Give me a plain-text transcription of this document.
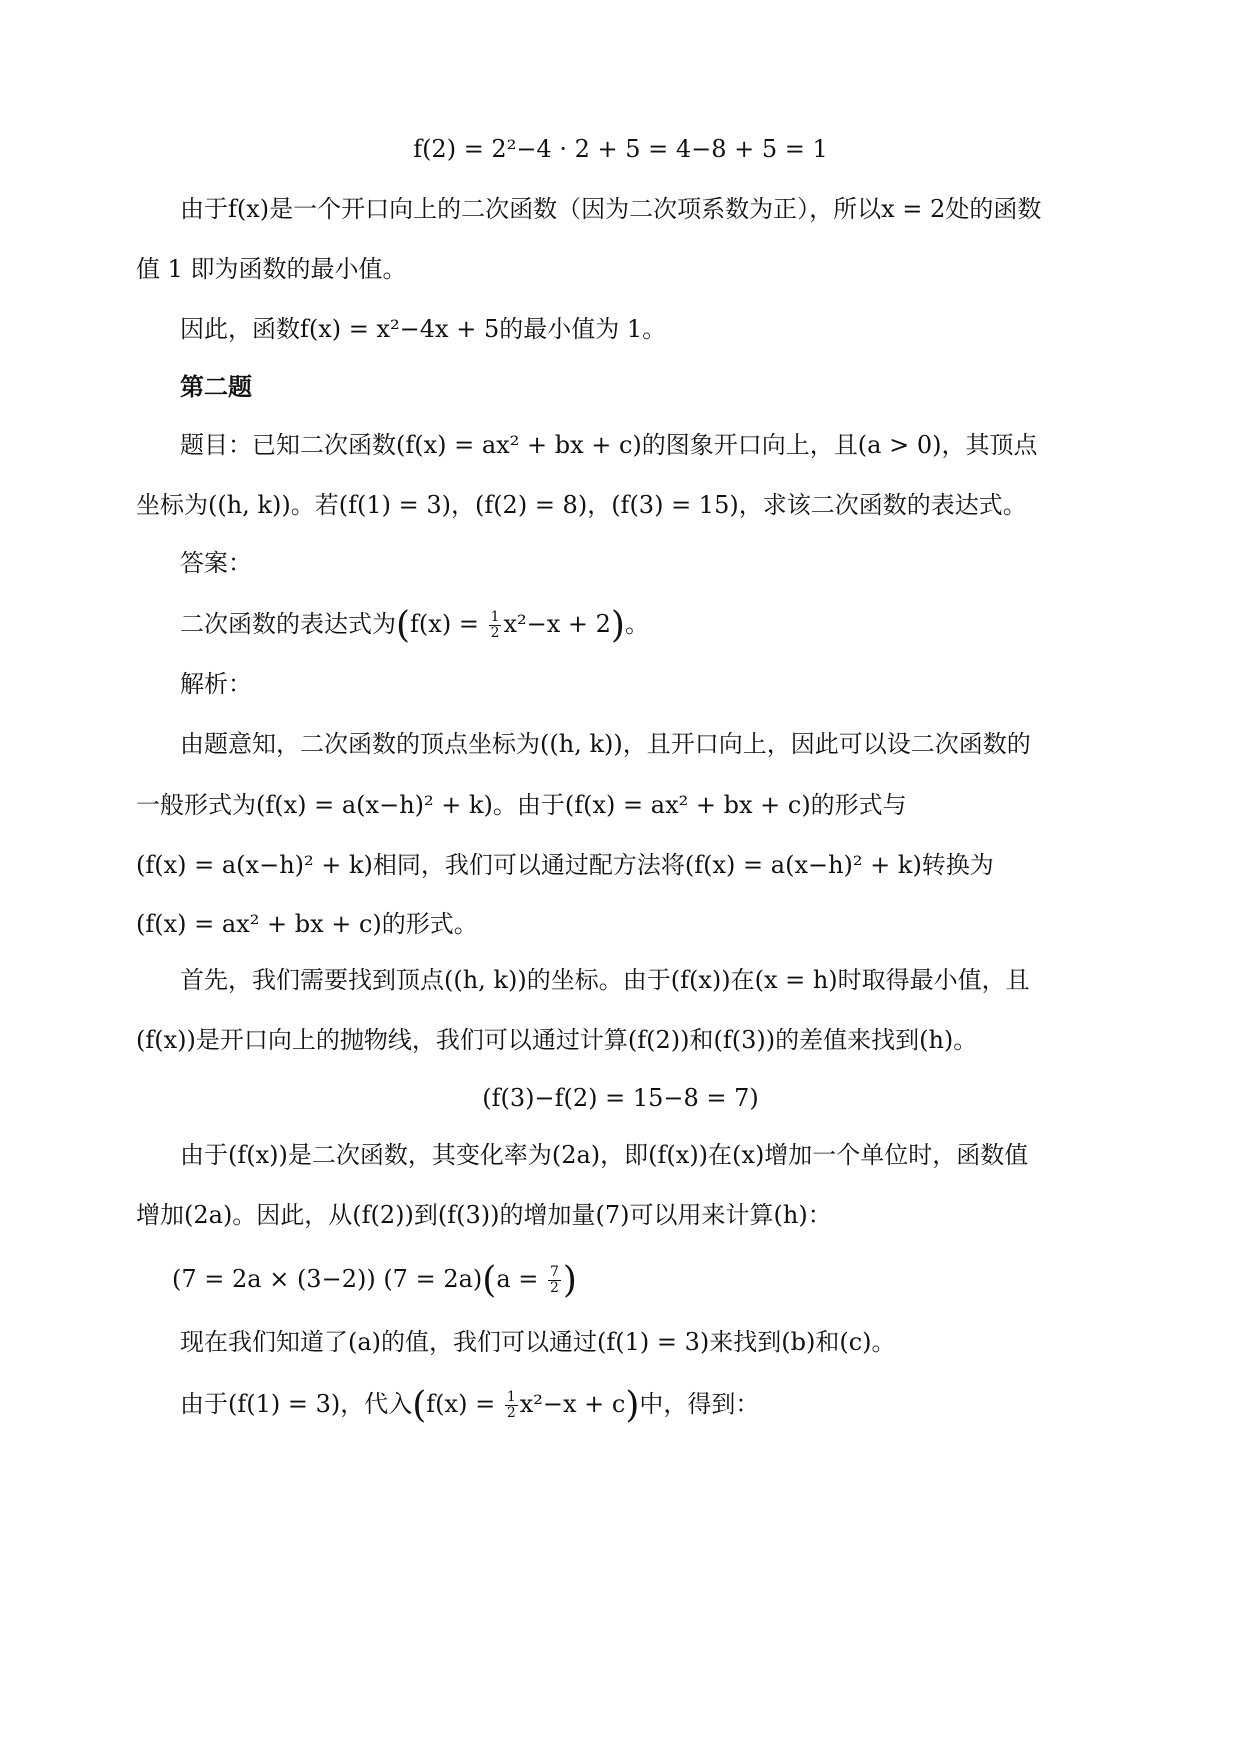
f(2) = 2²−4 · 2 + 5 = 4−8 + 5 = 1
由于f(x)是一个开口向上的二次函数（因为二次项系数为正），所以x = 2处的函数
值 1 即为函数的最小值。
因此，函数f(x) = x²−4x + 5的最小值为 1。
第二题
题目：已知二次函数(f(x) = ax² + bx + c)的图象开口向上，且(a > 0)，其顶点
坐标为((h, k))。若(f(1) = 3)，(f(2) = 8)，(f(3) = 15)，求该二次函数的表达式。
答案：
二次函数的表达式为$(f(x) = \frac{1}{2} x^2-x + 2)$。
解析：
由题意知，二次函数的顶点坐标为((h, k))，且开口向上，因此可以设二次函数的
一般形式为(f(x) = a(x−h)² + k)。由于(f(x) = ax² + bx + c)的形式与
(f(x) = a(x−h)² + k)相同，我们可以通过配方法将(f(x) = a(x−h)² + k)转换为
(f(x) = ax² + bx + c)的形式。
首先，我们需要找到顶点((h, k))的坐标。由于(f(x))在(x = h)时取得最小值，且
(f(x))是开口向上的抛物线，我们可以通过计算(f(2))和(f(3))的差值来找到(h)。
(f(3)−f(2) = 15−8 = 7)
由于(f(x))是二次函数，其变化率为(2a)，即(f(x))在(x)增加一个单位时，函数值
增加(2a)。因此，从(f(2))到(f(3))的增加量(7)可以用来计算(h)：
(7 = 2a × (3−2)) $(7 = 2a)(a = \frac{7}{2}$ )
现在我们知道了(a)的值，我们可以通过(f(1) = 3)来找到(b)和(c)。
由于(f(1) = 3)，代入$(f(x) = \frac{1}{2} x^2-x + c)$中，得到：
